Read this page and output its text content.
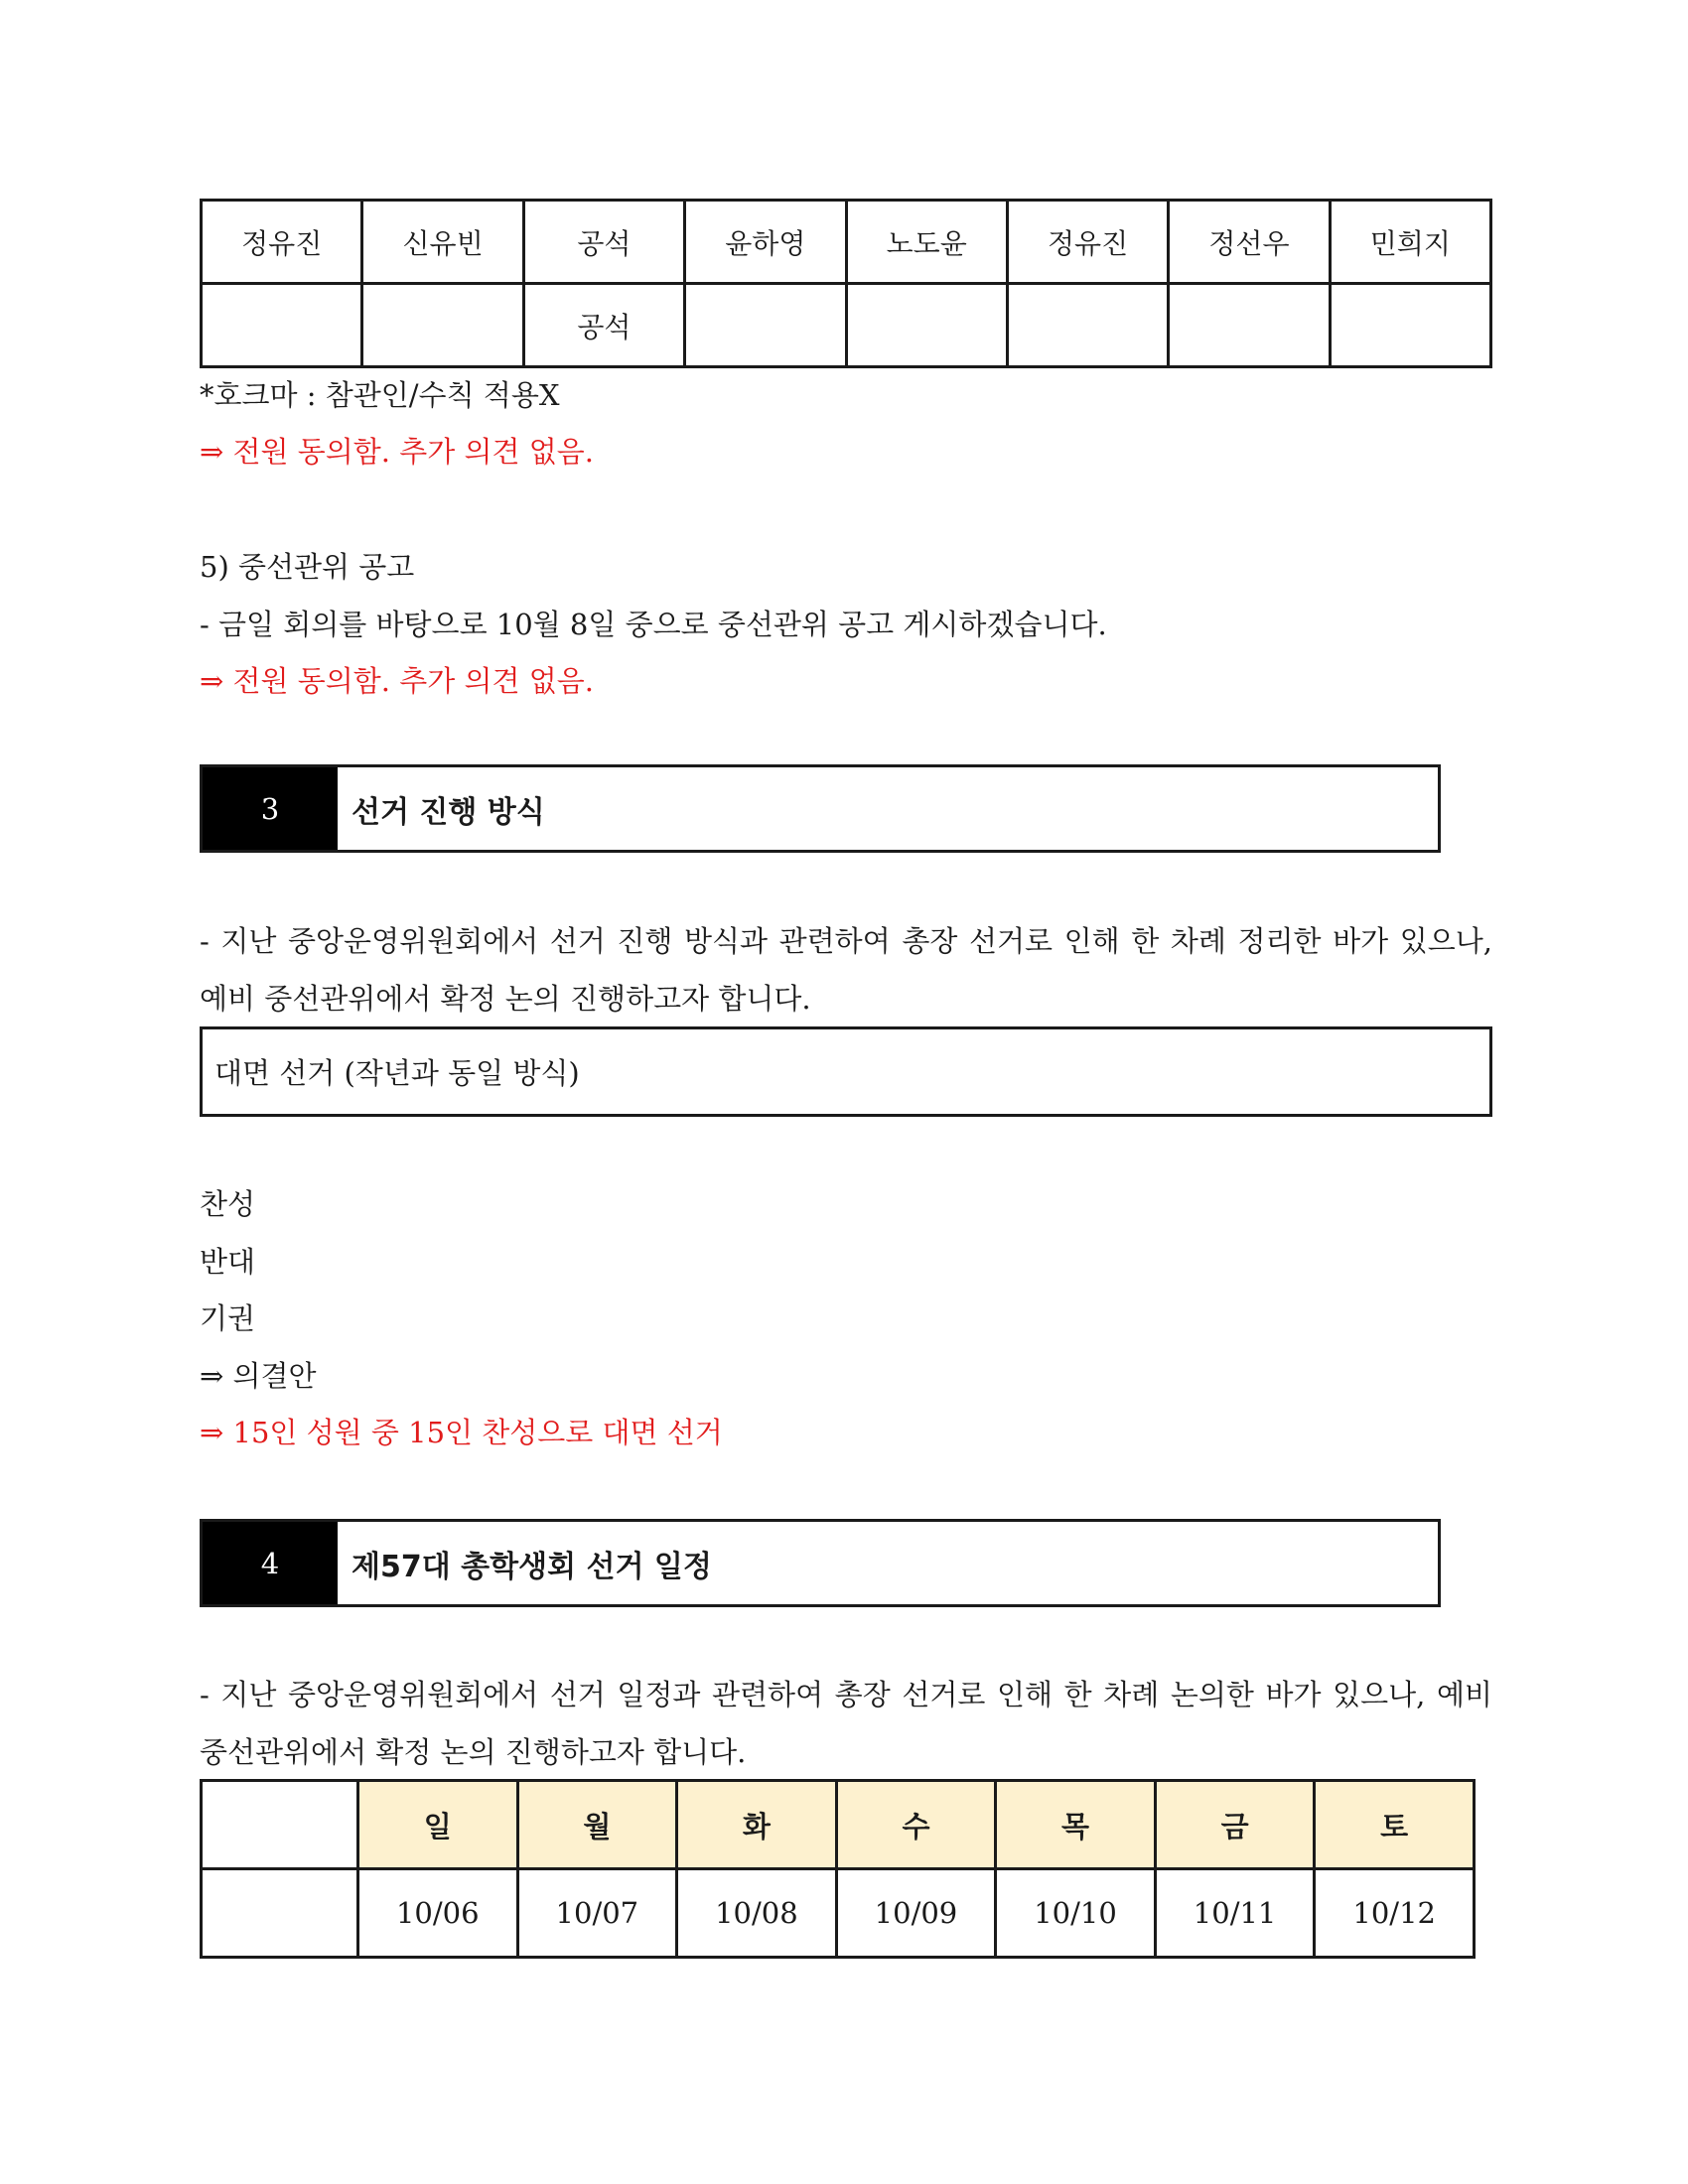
정유진	신유빈	공석	윤하영	노도윤	정유진	정선우	민희지
		공석					
*호크마 : 참관인/수칙 적용X
⇒ 전원 동의함. 추가 의견 없음.
5) 중선관위 공고
- 금일 회의를 바탕으로 10월 8일 중으로 중선관위 공고 게시하겠습니다.
⇒ 전원 동의함. 추가 의견 없음.
3	선거 진행 방식
- 지난 중앙운영위원회에서 선거 진행 방식과 관련하여 총장 선거로 인해 한 차례 정리한 바가 있으나,
예비 중선관위에서 확정 논의 진행하고자 합니다.
대면 선거 (작년과 동일 방식)
찬성
반대
기권
⇒ 의결안
⇒ 15인 성원 중 15인 찬성으로 대면 선거
4	제57대 총학생회 선거 일정
- 지난 중앙운영위원회에서 선거 일정과 관련하여 총장 선거로 인해 한 차례 논의한 바가 있으나, 예비
중선관위에서 확정 논의 진행하고자 합니다.
	일	월	화	수	목	금	토
	10/06	10/07	10/08	10/09	10/10	10/11	10/12
